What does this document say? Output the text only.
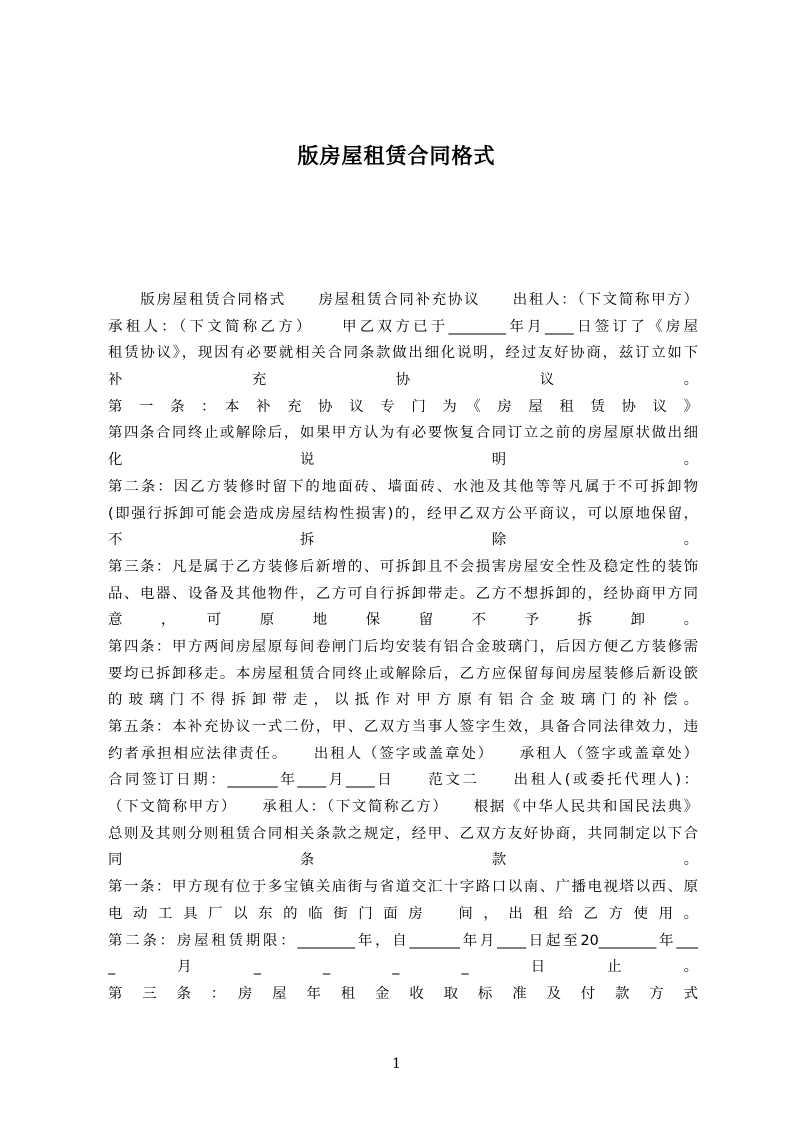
版房屋租赁合同格式
　　版房屋租赁合同格式　　房屋租赁合同补充协议　　出租人：（下文简称甲方）
承租人：（下文简称乙方）　　甲乙双方已于________年月____日签订了《房屋
租赁协议》，现因有必要就相关合同条款做出细化说明，经过友好协商，兹订立如下
补　充　协　议　。
第　一　条　：　本　补　充　协　议　专　门　为　《　房　屋　租　赁　协　议　》
第四条合同终止或解除后，如果甲方认为有必要恢复合同订立之前的房屋原状做出细
化　说　明　。
第二条：因乙方装修时留下的地面砖、墙面砖、水池及其他等等凡属于不可拆卸物
(即强行拆卸可能会造成房屋结构性损害)的，经甲乙双方公平商议，可以原地保留，
不　拆　除　。
第三条：凡是属于乙方装修后新增的、可拆卸且不会损害房屋安全性及稳定性的装饰
品、电器、设备及其他物件，乙方可自行拆卸带走。乙方不想拆卸的，经协商甲方同
意　，　可　原　地　保　留　不　予　拆　卸　。
第四条：甲方两间房屋原每间卷闸门后均安装有铝合金玻璃门，后因方便乙方装修需
要均已拆卸移走。本房屋租赁合同终止或解除后，乙方应保留每间房屋装修后新设篏
的玻璃门不得拆卸带走，以抵作对甲方原有铝合金玻璃门的补偿。
第五条：本补充协议一式二份，甲、乙双方当事人签字生效，具备合同法律效力，违
约者承担相应法律责任。　　出租人（签字或盖章处）　　承租人（签字或盖章处）
合同签订日期：_______年____月____日　　范文二　　出租人(或委托代理人)：
（下文简称甲方）　　承租人：（下文简称乙方）　　根据《中华人民共和国民法典》
总则及其则分则租赁合同相关条款之规定，经甲、乙双方友好协商，共同制定以下合
同　条　款　。
第一条：甲方现有位于多宝镇关庙街与省道交汇十字路口以南、广播电视塔以西、原
电动工具厂以东的临街门面房　间，出租给乙方使用。
第二条：房屋租赁期限：________年，自_______年月____日起至20________年___
_　月　_　_　_　_　日　止　。
第　三　条　：　房　屋　年　租　金　收　取　标　准　及　付　款　方　式
1
